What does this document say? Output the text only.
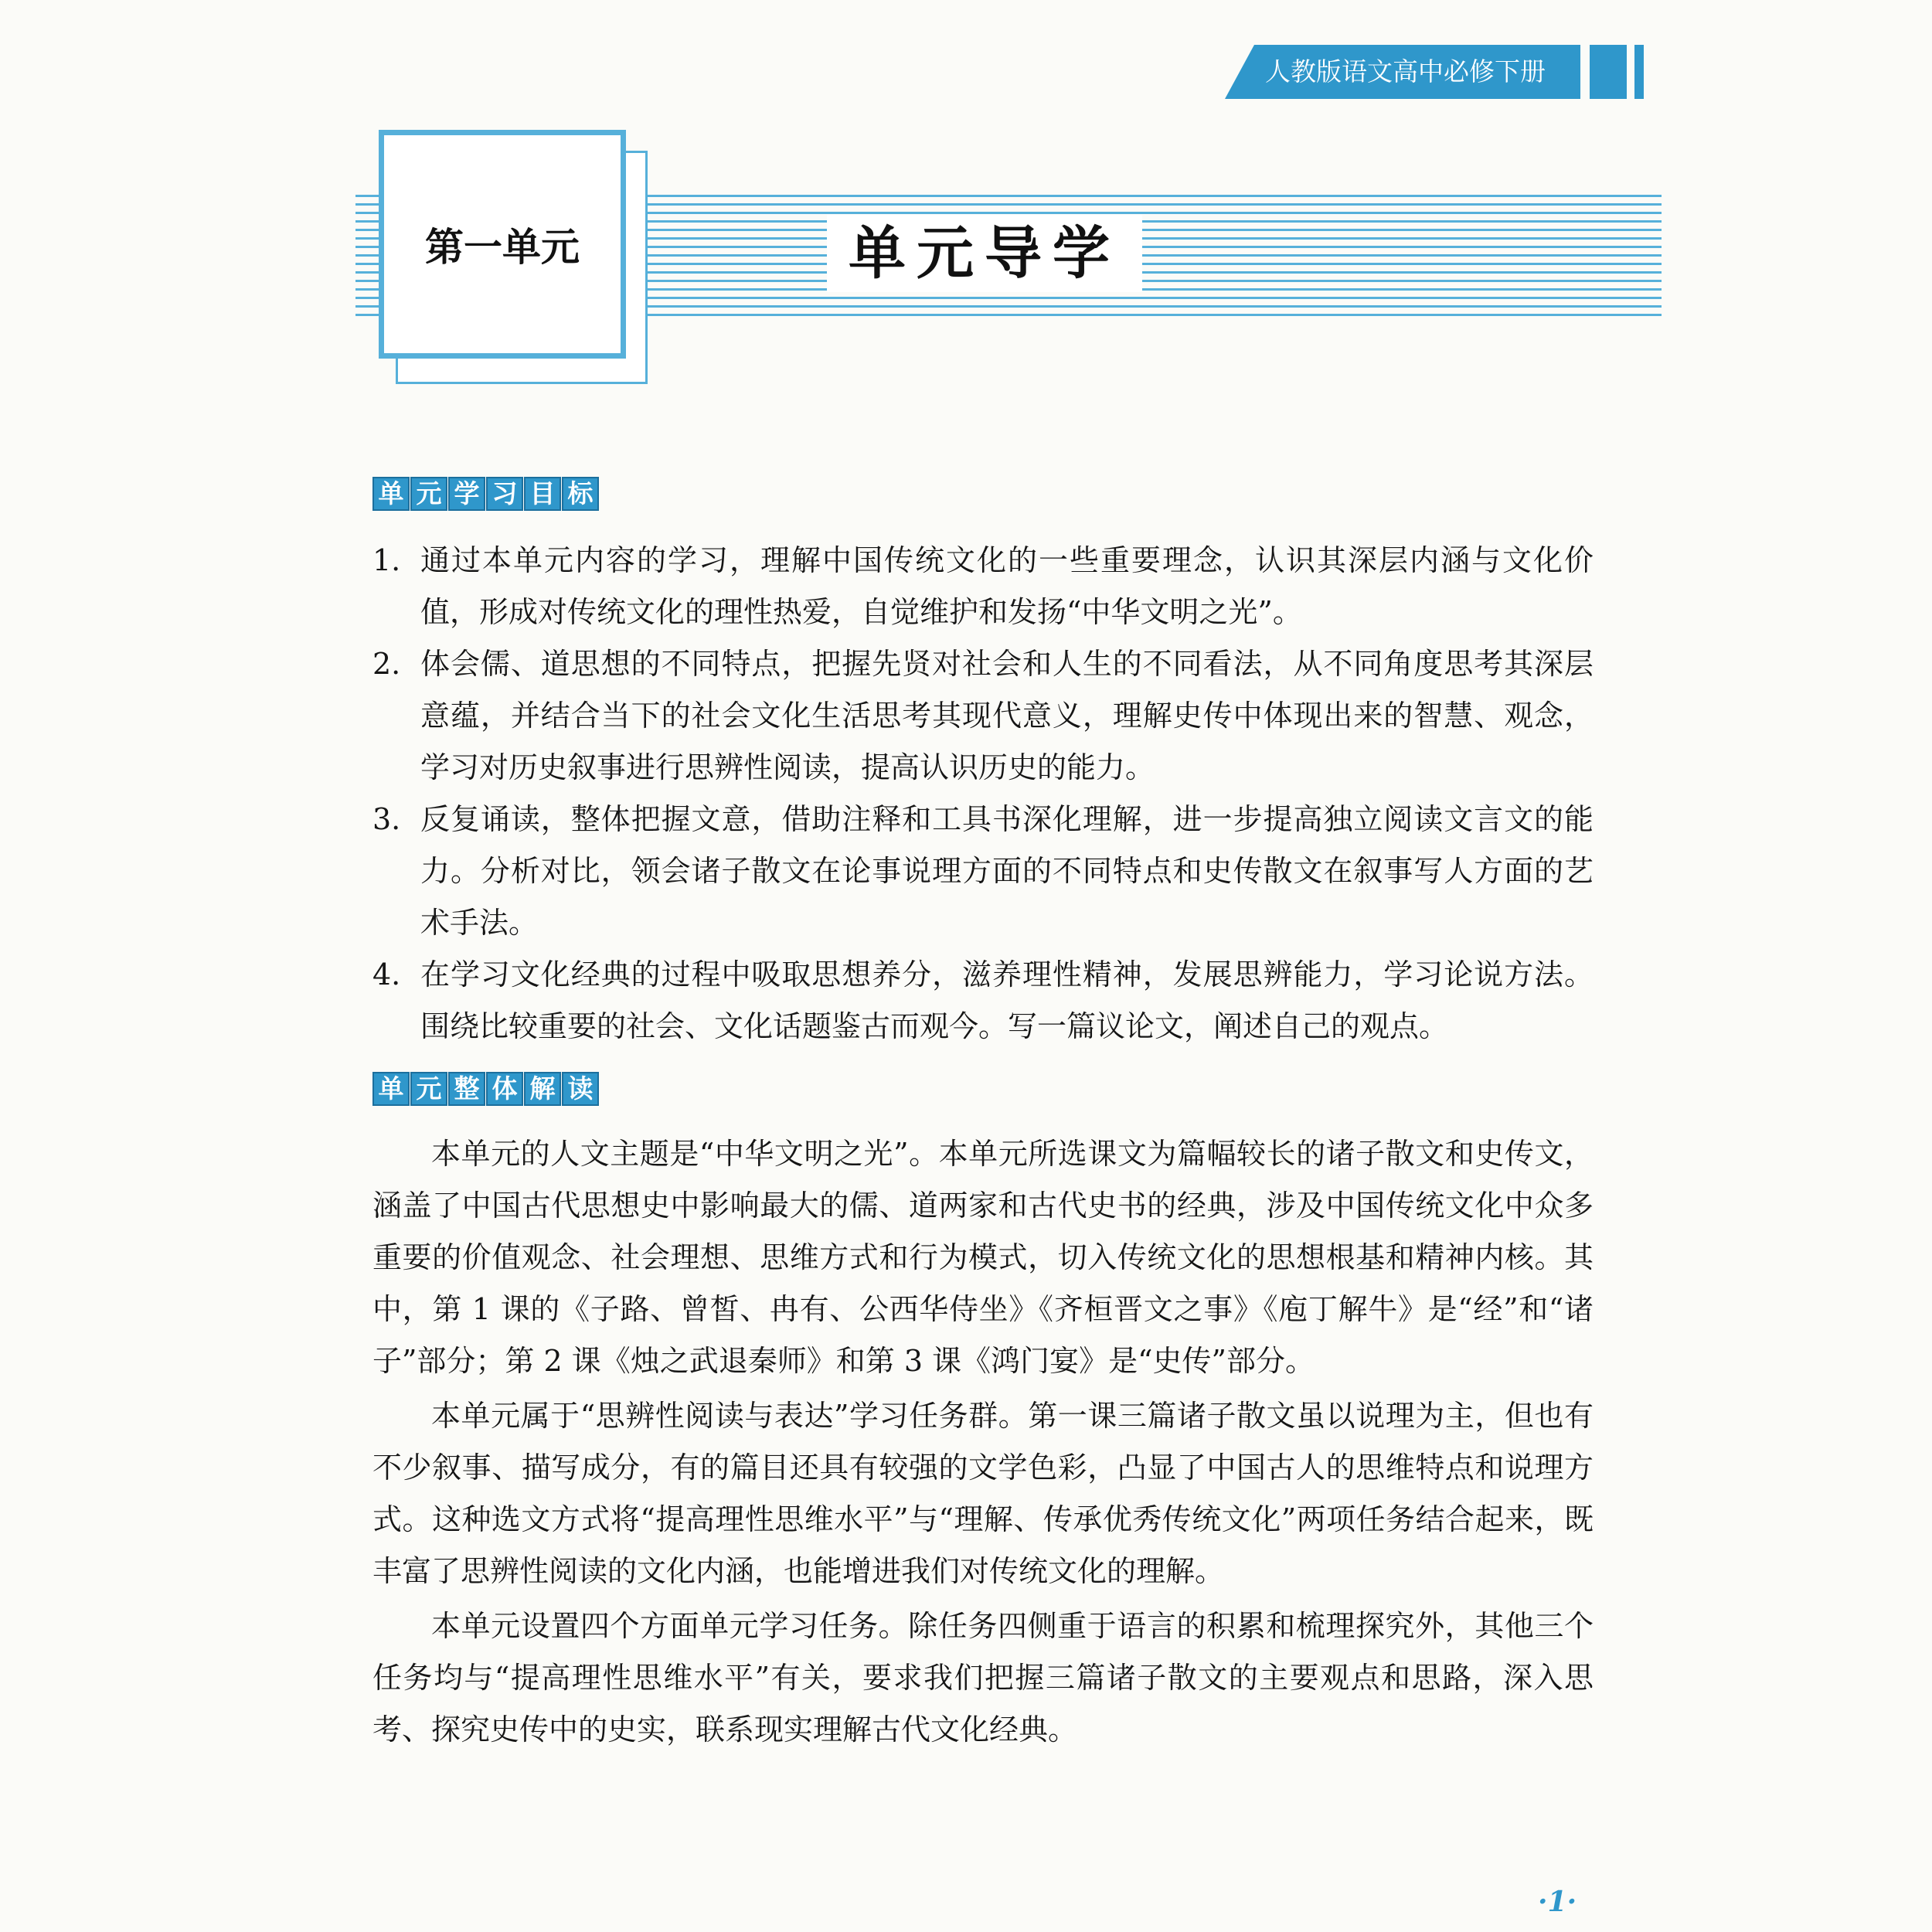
人教版语文高中必修下册
第一单元	单元导学
单 元 学 习 目 标
1. 通过本单元内容的学习，理解中国传统文化的一些重要理念，认识其深层内涵与文化价值，形成对传统文化的理性热爱，自觉维护和发扬“中华文明之光”。
2. 体会儒、道思想的不同特点，把握先贤对社会和人生的不同看法，从不同角度思考其深层意蕴，并结合当下的社会文化生活思考其现代意义，理解史传中体现出来的智慧、观念，学习对历史叙事进行思辨性阅读，提高认识历史的能力。
3. 反复诵读，整体把握文意，借助注释和工具书深化理解，进一步提高独立阅读文言文的能力。分析对比，领会诸子散文在论事说理方面的不同特点和史传散文在叙事写人方面的艺术手法。
4. 在学习文化经典的过程中吸取思想养分，滋养理性精神，发展思辨能力，学习论说方法。围绕比较重要的社会、文化话题鉴古而观今。写一篇议论文，阐述自己的观点。
单 元 整 体 解 读

本单元的人文主题是“中华文明之光”。本单元所选课文为篇幅较长的诸子散文和史传文，涵盖了中国古代思想史中影响最大的儒、道两家和古代史书的经典，涉及中国传统文化中众多重要的价值观念、社会理想、思维方式和行为模式，切入传统文化的思想根基和精神内核。其中，第 1 课的《子路、曾皙、冉有、公西华侍坐》《齐桓晋文之事》《庖丁解牛》是“经”和“诸子”部分；第 2 课《烛之武退秦师》和第 3 课《鸿门宴》是“史传”部分。

本单元属于“思辨性阅读与表达”学习任务群。第一课三篇诸子散文虽以说理为主，但也有不少叙事、描写成分，有的篇目还具有较强的文学色彩，凸显了中国古人的思维特点和说理方式。这种选文方式将“提高理性思维水平”与“理解、传承优秀传统文化”两项任务结合起来，既丰富了思辨性阅读的文化内涵，也能增进我们对传统文化的理解。

本单元设置四个方面单元学习任务。除任务四侧重于语言的积累和梳理探究外，其他三个任务均与“提高理性思维水平”有关，要求我们把握三篇诸子散文的主要观点和思路，深入思考、探究史传中的史实，联系现实理解古代文化经典。

·1·
